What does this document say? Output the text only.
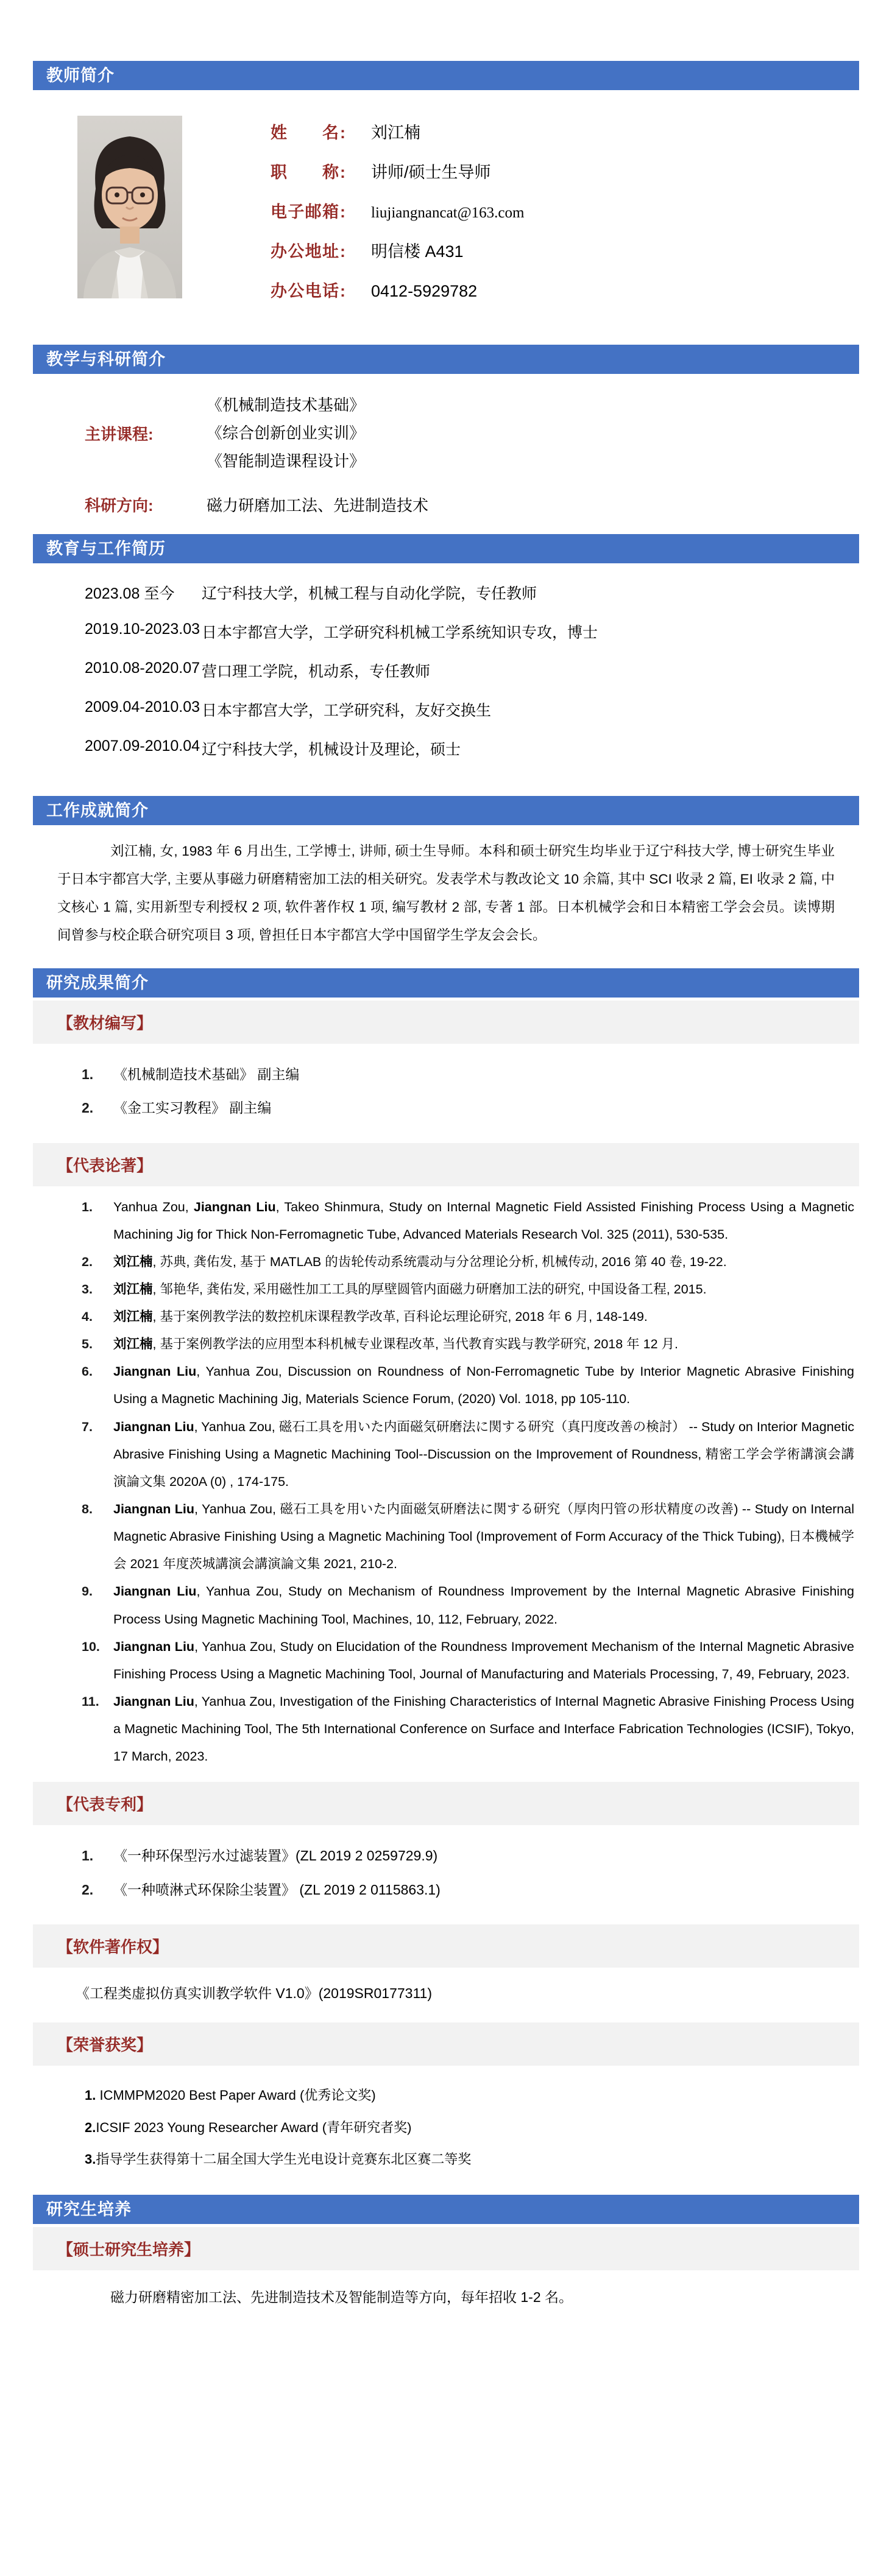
教师简介
姓名 : 刘江楠
职称 : 讲师/硕士生导师
电子邮箱 : liujiangnancat@163.com
办公地址 : 明信楼 A431
办公电话 : 0412-5929782
教学与科研简介
主讲课程:
《机械制造技术基础》
《综合创新创业实训》
《智能制造课程设计》
科研方向:	磁力研磨加工法、先进制造技术
教育与工作简历
2023.08 至今	辽宁科技大学，机械工程与自动化学院，专任教师
2019.10-2023.03 日本宇都宫大学，工学研究科机械工学系统知识专攻，博士
2010.08-2020.07 营口理工学院，机动系，专任教师
2009.04-2010.03 日本宇都宫大学，工学研究科，友好交换生
2007.09-2010.04 辽宁科技大学，机械设计及理论，硕士
工作成就简介
刘江楠, 女, 1983 年 6 月出生, 工学博士, 讲师, 硕士生导师。本科和硕士研究生均毕业于辽宁科技大学, 博士研究生毕业于日本宇都宫大学, 主要从事磁力研磨精密加工法的相关研究。发表学术与教改论文 10 余篇, 其中 SCI 收录 2 篇, EI 收录 2 篇, 中文核心 1 篇, 实用新型专利授权 2 项, 软件著作权 1 项, 编写教材 2 部, 专著 1 部。日本机械学会和日本精密工学会会员。读博期间曾参与校企联合研究项目 3 项, 曾担任日本宇都宫大学中国留学生学友会会长。
研究成果简介
【教材编写】
1.	《机械制造技术基础》 副主编
2.	《金工实习教程》 副主编
【代表论著】
1.	Yanhua Zou, Jiangnan Liu, Takeo Shinmura, Study on Internal Magnetic Field Assisted Finishing Process Using a Magnetic Machining Jig for Thick Non-Ferromagnetic Tube, Advanced Materials Research Vol. 325 (2011), 530-535.
2.	刘江楠, 苏典, 龚佑发, 基于 MATLAB 的齿轮传动系统震动与分岔理论分析, 机械传动, 2016 第 40 卷, 19-22.
3.	刘江楠, 邹艳华, 龚佑发, 采用磁性加工工具的厚壁圆管内面磁力研磨加工法的研究, 中国设备工程, 2015.
4.	刘江楠, 基于案例教学法的数控机床课程教学改革, 百科论坛理论研究, 2018 年 6 月, 148-149.
5.	刘江楠, 基于案例教学法的应用型本科机械专业课程改革, 当代教育实践与教学研究, 2018 年 12 月.
6.	Jiangnan Liu, Yanhua Zou, Discussion on Roundness of Non-Ferromagnetic Tube by Interior Magnetic Abrasive Finishing Using a Magnetic Machining Jig, Materials Science Forum, (2020) Vol. 1018, pp 105-110.
7.	Jiangnan Liu, Yanhua Zou, 磁石工具を用いた内面磁気研磨法に関する研究（真円度改善の検討） -- Study on Interior Magnetic Abrasive Finishing Using a Magnetic Machining Tool--Discussion on the Improvement of Roundness, 精密工学会学術講演会講演論文集 2020A (0) , 174-175.
8.	Jiangnan Liu, Yanhua Zou, 磁石工具を用いた内面磁気研磨法に関する研究（厚肉円管の形状精度の改善) -- Study on Internal Magnetic Abrasive Finishing Using a Magnetic Machining Tool (Improvement of Form Accuracy of the Thick Tubing), 日本機械学会 2021 年度茨城講演会講演論文集 2021, 210-2.
9.	Jiangnan Liu, Yanhua Zou, Study on Mechanism of Roundness Improvement by the Internal Magnetic Abrasive Finishing Process Using Magnetic Machining Tool, Machines, 10, 112, February, 2022.
10.	Jiangnan Liu, Yanhua Zou, Study on Elucidation of the Roundness Improvement Mechanism of the Internal Magnetic Abrasive Finishing Process Using a Magnetic Machining Tool, Journal of Manufacturing and Materials Processing, 7, 49, February, 2023.
11.	Jiangnan Liu, Yanhua Zou, Investigation of the Finishing Characteristics of Internal Magnetic Abrasive Finishing Process Using a Magnetic Machining Tool, The 5th International Conference on Surface and Interface Fabrication Technologies (ICSIF), Tokyo, 17 March, 2023.
【代表专利】
1.	《一种环保型污水过滤装置》(ZL 2019 2 0259729.9)
2.	《一种喷淋式环保除尘装置》 (ZL 2019 2 0115863.1)
【软件著作权】
《工程类虚拟仿真实训教学软件 V1.0》(2019SR0177311)
【荣誉获奖】
1. ICMMPM2020 Best Paper Award (优秀论文奖)
2.ICSIF 2023 Young Researcher Award (青年研究者奖)
3.指导学生获得第十二届全国大学生光电设计竞赛东北区赛二等奖
研究生培养
【硕士研究生培养】
磁力研磨精密加工法、先进制造技术及智能制造等方向，每年招收 1-2 名。
